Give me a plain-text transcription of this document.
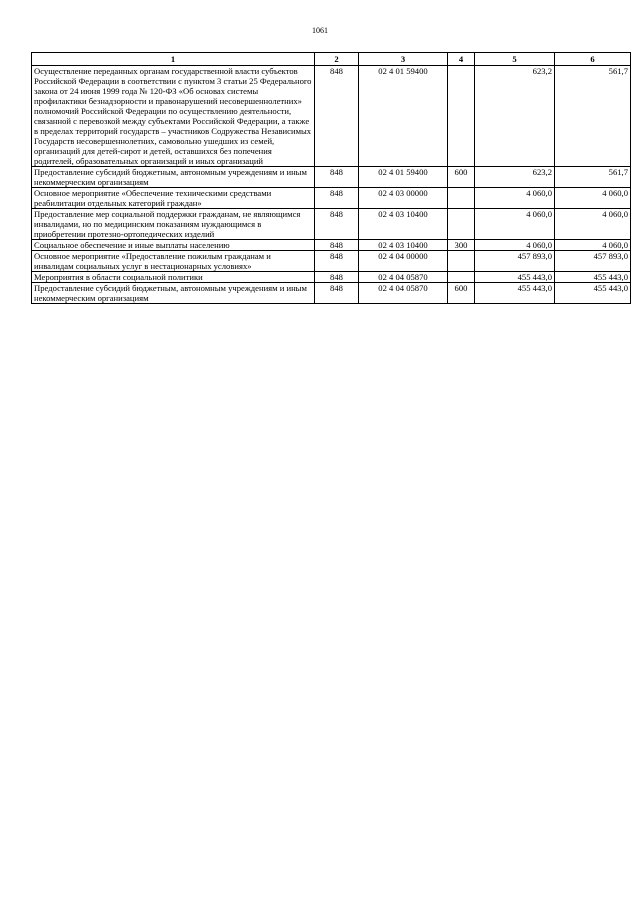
1061
1	2	3	4	5	6
Осуществление переданных органам государственной власти субъектов Российской Федерации в соответствии с пунктом 3 статьи 25 Федерального закона от 24 июня 1999 года № 120-ФЗ «Об основах системы профилактики безнадзорности и правонарушений несовершеннолетних» полномочий Российской Федерации по осуществлению деятельности, связанной с перевозкой между субъектами Российской Федерации, а также в пределах территорий государств – участников Содружества Независимых Государств несовершеннолетних, самовольно ушедших из семей, организаций для детей-сирот и детей, оставшихся без попечения родителей, образовательных организаций и иных организаций	848	02 4 01 59400		623,2	561,7
Предоставление субсидий бюджетным, автономным учреждениям и иным некоммерческим организациям	848	02 4 01 59400	600	623,2	561,7
Основное мероприятие «Обеспечение техническими средствами реабилитации отдельных категорий граждан»	848	02 4 03 00000		4 060,0	4 060,0
Предоставление мер социальной поддержки гражданам, не являющимся инвалидами, но по медицинским показаниям нуждающимся в приобретении протезно-ортопедических изделий	848	02 4 03 10400		4 060,0	4 060,0
Социальное обеспечение и иные выплаты населению	848	02 4 03 10400	300	4 060,0	4 060,0
Основное мероприятие «Предоставление пожилым гражданам и инвалидам социальных услуг в нестационарных условиях»	848	02 4 04 00000		457 893,0	457 893,0
Мероприятия в области социальной политики	848	02 4 04 05870		455 443,0	455 443,0
Предоставление субсидий бюджетным, автономным учреждениям и иным некоммерческим организациям	848	02 4 04 05870	600	455 443,0	455 443,0
